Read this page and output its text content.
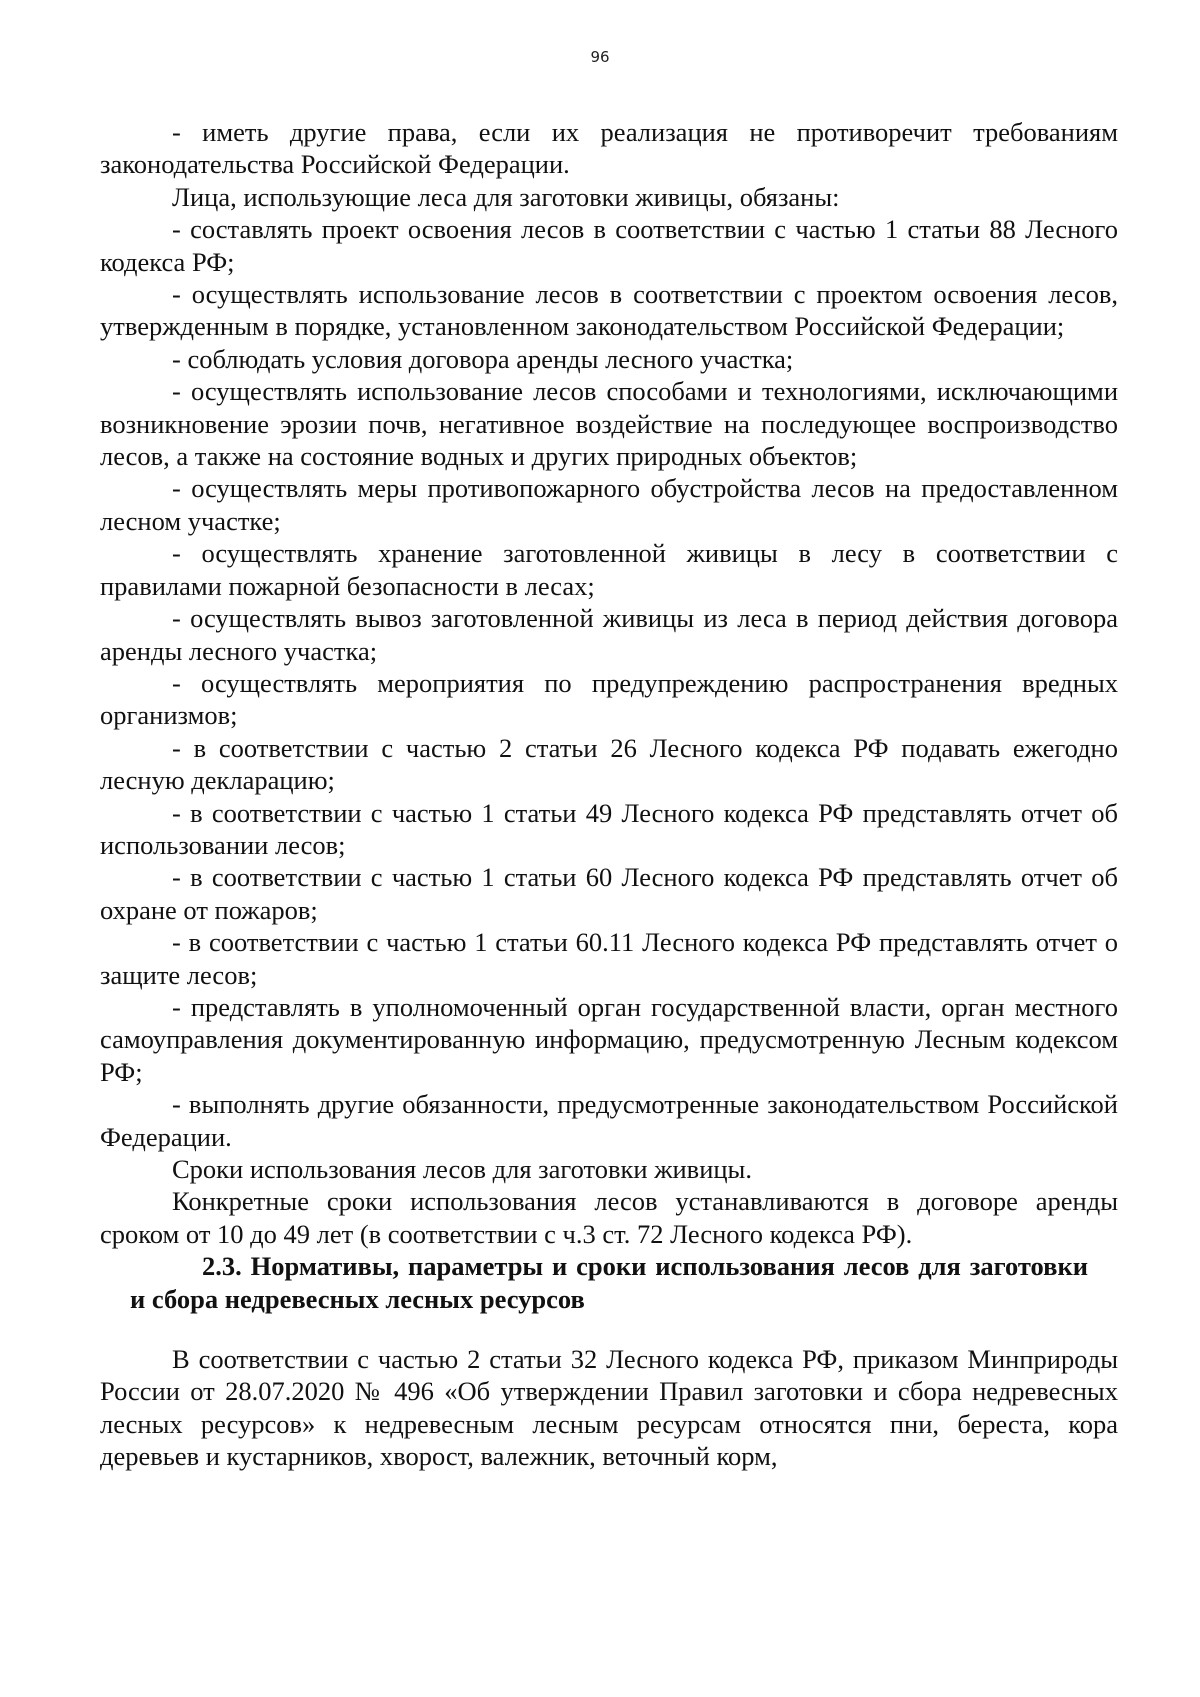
96

- иметь другие права, если их реализация не противоречит требованиям законодательства Российской Федерации.

Лица, использующие леса для заготовки живицы, обязаны:

- составлять проект освоения лесов в соответствии с частью 1 статьи 88 Лесного кодекса РФ;

- осуществлять использование лесов в соответствии с проектом освоения лесов, утвержденным в порядке, установленном законодательством Российской Федерации;

- соблюдать условия договора аренды лесного участка;

- осуществлять использование лесов способами и технологиями, исключающими возникновение эрозии почв, негативное воздействие на последующее воспроизводство лесов, а также на состояние водных и других природных объектов;

- осуществлять меры противопожарного обустройства лесов на предоставленном лесном участке;

- осуществлять хранение заготовленной живицы в лесу в соответствии с правилами пожарной безопасности в лесах;

- осуществлять вывоз заготовленной живицы из леса в период действия договора аренды лесного участка;

- осуществлять мероприятия по предупреждению распространения вредных организмов;

- в соответствии с частью 2 статьи 26 Лесного кодекса РФ подавать ежегодно лесную декларацию;

- в соответствии с частью 1 статьи 49 Лесного кодекса РФ представлять отчет об использовании лесов;

- в соответствии с частью 1 статьи 60 Лесного кодекса РФ представлять отчет об охране от пожаров;

- в соответствии с частью 1 статьи 60.11 Лесного кодекса РФ представлять отчет о защите лесов;

- представлять в уполномоченный орган государственной власти, орган местного самоуправления документированную информацию, предусмотренную Лесным кодексом РФ;

- выполнять другие обязанности, предусмотренные законодательством Российской Федерации.

Сроки использования лесов для заготовки живицы.

Конкретные сроки использования лесов устанавливаются в договоре аренды сроком от 10 до 49 лет (в соответствии с ч.3 ст. 72 Лесного кодекса РФ).

2.3. Нормативы, параметры и сроки использования лесов для заготовки и сбора недревесных лесных ресурсов

В соответствии с частью 2 статьи 32 Лесного кодекса РФ, приказом Минприроды России от 28.07.2020 № 496 «Об утверждении Правил заготовки и сбора недревесных лесных ресурсов» к недревесным лесным ресурсам относятся пни, береста, кора деревьев и кустарников, хворост, валежник, веточный корм,
